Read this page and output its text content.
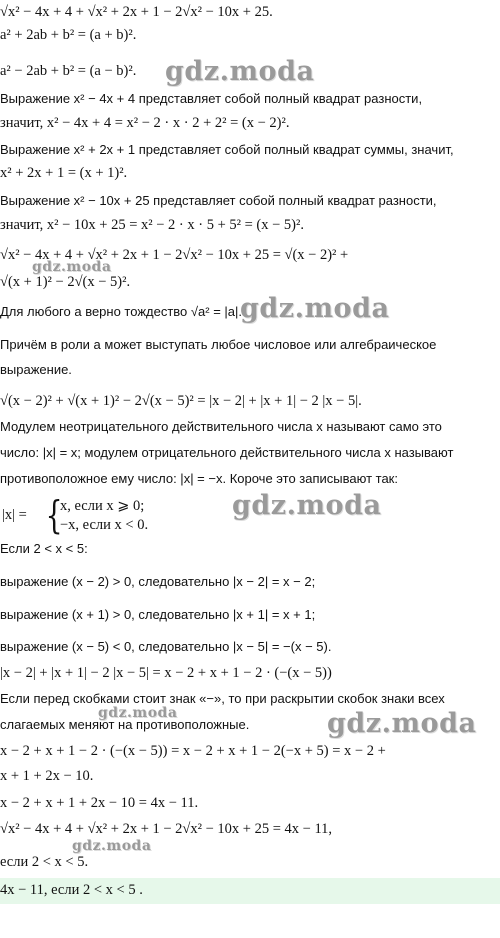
√x² − 4x + 4 + √x² + 2x + 1 − 2√x² − 10x + 25.
a² + 2ab + b² = (a + b)².
a² − 2ab + b² = (a − b)².
Выражение x² − 4x + 4 представляет собой полный квадрат разности,
значит, x² − 4x + 4 = x² − 2 · x · 2 + 2² = (x − 2)².
Выражение x² + 2x + 1 представляет собой полный квадрат суммы, значит,
x² + 2x + 1 = (x + 1)².
Выражение x² − 10x + 25 представляет собой полный квадрат разности,
значит, x² − 10x + 25 = x² − 2 · x · 5 + 5² = (x − 5)².
√x² − 4x + 4 + √x² + 2x + 1 − 2√x² − 10x + 25 = √(x − 2)² +
√(x + 1)² − 2√(x − 5)².
Для любого a верно тождество √a² = |a|.
Причём в роли a может выступать любое числовое или алгебраическое
выражение.
√(x − 2)² + √(x + 1)² − 2√(x − 5)² = |x − 2| + |x + 1| − 2 |x − 5|.
Модулем неотрицательного действительного числа x называют само это
число: |x| = x; модулем отрицательного действительного числа x называют
противоположное ему число: |x| = −x. Короче это записывают так:
|x| = {
x, если x ⩾ 0;
−x, если x < 0.
Если 2 < x < 5:
выражение (x − 2) > 0, следовательно |x − 2| = x − 2;
выражение (x + 1) > 0, следовательно |x + 1| = x + 1;
выражение (x − 5) < 0, следовательно |x − 5| = −(x − 5).
|x − 2| + |x + 1| − 2 |x − 5| = x − 2 + x + 1 − 2 · (−(x − 5))
Если перед скобками стоит знак «−», то при раскрытии скобок знаки всех
слагаемых меняют на противоположные.
x − 2 + x + 1 − 2 · (−(x − 5)) = x − 2 + x + 1 − 2(−x + 5) = x − 2 +
x + 1 + 2x − 10.
x − 2 + x + 1 + 2x − 10 = 4x − 11.
√x² − 4x + 4 + √x² + 2x + 1 − 2√x² − 10x + 25 = 4x − 11,
если 2 < x < 5.
4x − 11, если 2 < x < 5 .
gdz.moda
gdz.moda
gdz.moda
gdz.moda
gdz.moda	gdz.moda
gdz.moda
